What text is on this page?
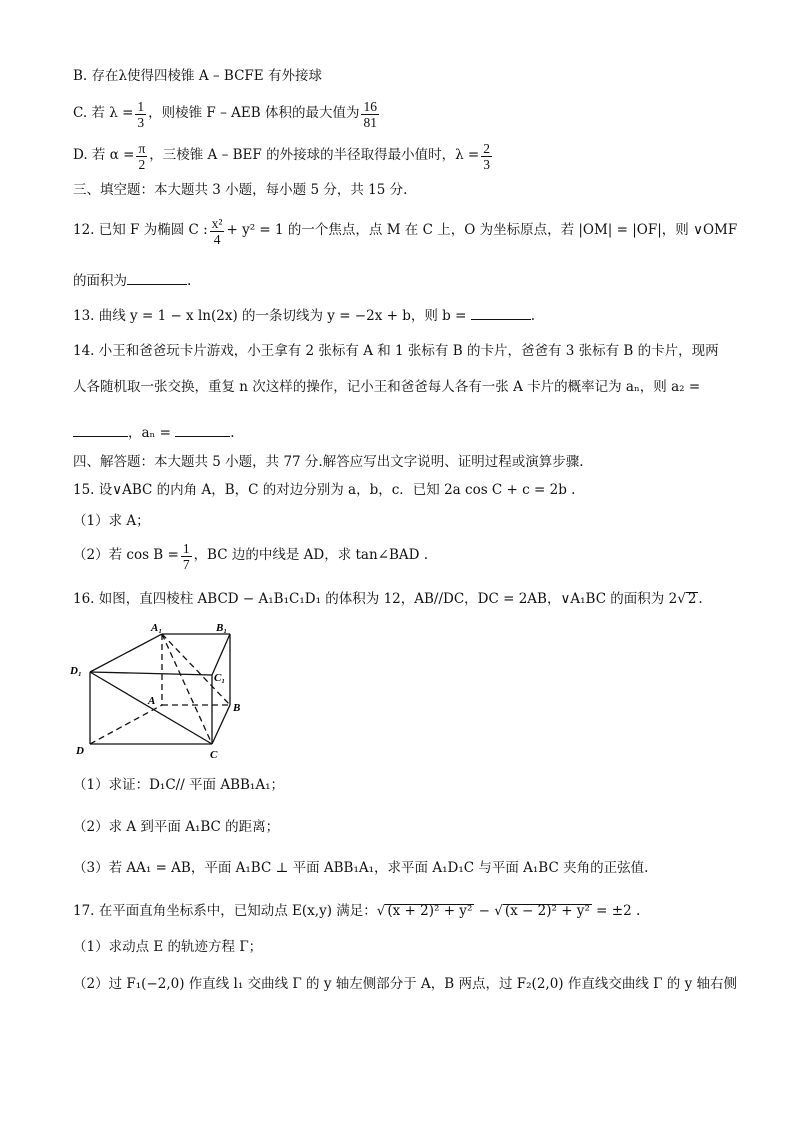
B. 存在λ使得四棱锥 A – BCFE 有外接球
C. 若 $\lambda = \frac{1}{3}$ ，则棱锥 F – AEB 体积的最大值为 $\frac{16}{81}$
D. 若 $\alpha = \frac{\pi}{2}$ ，三棱锥 A – BEF 的外接球的半径取得最小值时，$\lambda = \frac{2}{3}$
三、填空题：本大题共 3 小题，每小题 5 分，共 15 分.
12. 已知 F 为椭圆 C : $\frac{\text{x²}}{4} + y^2 = 1$ 的一个焦点，点 M 在 C 上，O 为坐标原点，若 |OM| = |OF|，则 ∨OMF
的面积为	.
13. 曲线 y = 1 − x ln(2x) 的一条切线为 y = −2x + b，则 b =	.
14. 小王和爸爸玩卡片游戏，小王拿有 2 张标有 A 和 1 张标有 B 的卡片，爸爸有 3 张标有 B 的卡片，现两
人各随机取一张交换，重复 n 次这样的操作，记小王和爸爸每人各有一张 A 卡片的概率记为 aₙ，则 a₂ =
，aₙ =	.
四、解答题：本大题共 5 小题，共 77 分.解答应写出文字说明、证明过程或演算步骤.
15. 设∨ABC 的内角 A，B，C 的对边分别为 a，b，c．已知 2a cos C + c = 2b .
（1）求 A；
（2）若 $\cos B = \frac{1}{7}$ ，BC 边的中线是 AD，求 tan∠BAD .
16. 如图，直四棱柱 ABCD − A₁B₁C₁D₁ 的体积为 12，AB//DC，DC = 2AB，∨A₁BC 的面积为 2√ 2 .
A₁	B₁
C₁
D₁
A
B
C
D
（1）求证：D₁C// 平面 ABB₁A₁；
（2）求 A 到平面 A₁BC 的距离；
（3）若 AA₁ = AB，平面 A₁BC ⊥ 平面 ABB₁A₁，求平面 A₁D₁C 与平面 A₁BC 夹角的正弦值.
17. 在平面直角坐标系中，已知动点 E(x,y) 满足：√ (x + 2)² + y² − √ (x − 2)² + y² = ±2 .
（1）求动点 E 的轨迹方程 Γ；
（2）过 F₁(−2,0) 作直线 l₁ 交曲线 Γ 的 y 轴左侧部分于 A，B 两点，过 F₂(2,0) 作直线交曲线 Γ 的 y 轴右侧
